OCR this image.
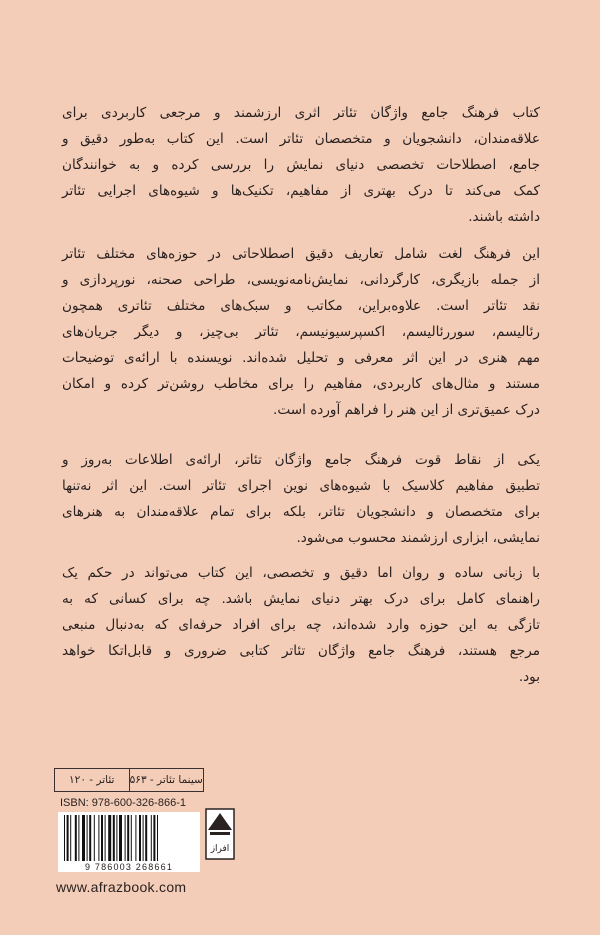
کتاب فرهنگ جامع واژگان تئاتر اثری ارزشمند و مرجعی کاربردی برای
علاقه‌مندان، دانشجویان و متخصصان تئاتر است. این کتاب به‌طور دقیق و
جامع، اصطلاحات تخصصی دنیای نمایش را بررسی کرده و به خوانندگان
کمک می‌کند تا درک بهتری از مفاهیم، تکنیک‌ها و شیوه‌های اجرایی تئاتر
داشته باشند.
این فرهنگ لغت شامل تعاریف دقیق اصطلاحاتی در حوزه‌های مختلف تئاتر
از جمله بازیگری، کارگردانی، نمایش‌نامه‌نویسی، طراحی صحنه، نورپردازی و
نقد تئاتر است. علاوه‌براین، مکاتب و سبک‌های مختلف تئاتری همچون
رئالیسم، سوررئالیسم، اکسپرسیونیسم، تئاتر بی‌چیز، و دیگر جریان‌های
مهم هنری در این اثر معرفی و تحلیل شده‌اند. نویسنده با ارائه‌ی توضیحات
مستند و مثال‌های کاربردی، مفاهیم را برای مخاطب روشن‌تر کرده و امکان
درک عمیق‌تری از این هنر را فراهم آورده است.
یکی از نقاط قوت فرهنگ جامع واژگان تئاتر، ارائه‌ی اطلاعات به‌روز و
تطبیق مفاهیم کلاسیک با شیوه‌های نوین اجرای تئاتر است. این اثر نه‌تنها
برای متخصصان و دانشجویان تئاتر، بلکه برای تمام علاقه‌مندان به هنرهای
نمایشی، ابزاری ارزشمند محسوب می‌شود.
با زبانی ساده و روان اما دقیق و تخصصی، این کتاب می‌تواند در حکم یک
راهنمای کامل برای درک بهتر دنیای نمایش باشد. چه برای کسانی که به
تازگی به این حوزه وارد شده‌اند، چه برای افراد حرفه‌ای که به‌دنبال منبعی
مرجع هستند، فرهنگ جامع واژگان تئاتر کتابی ضروری و قابل‌اتکا خواهد
بود.
سینما تئاتر - ۵۶۳
تئاتر - ۱۲۰
ISBN: 978-600-326-866-1
9 786003 268661
افراز
www.afrazbook.com
